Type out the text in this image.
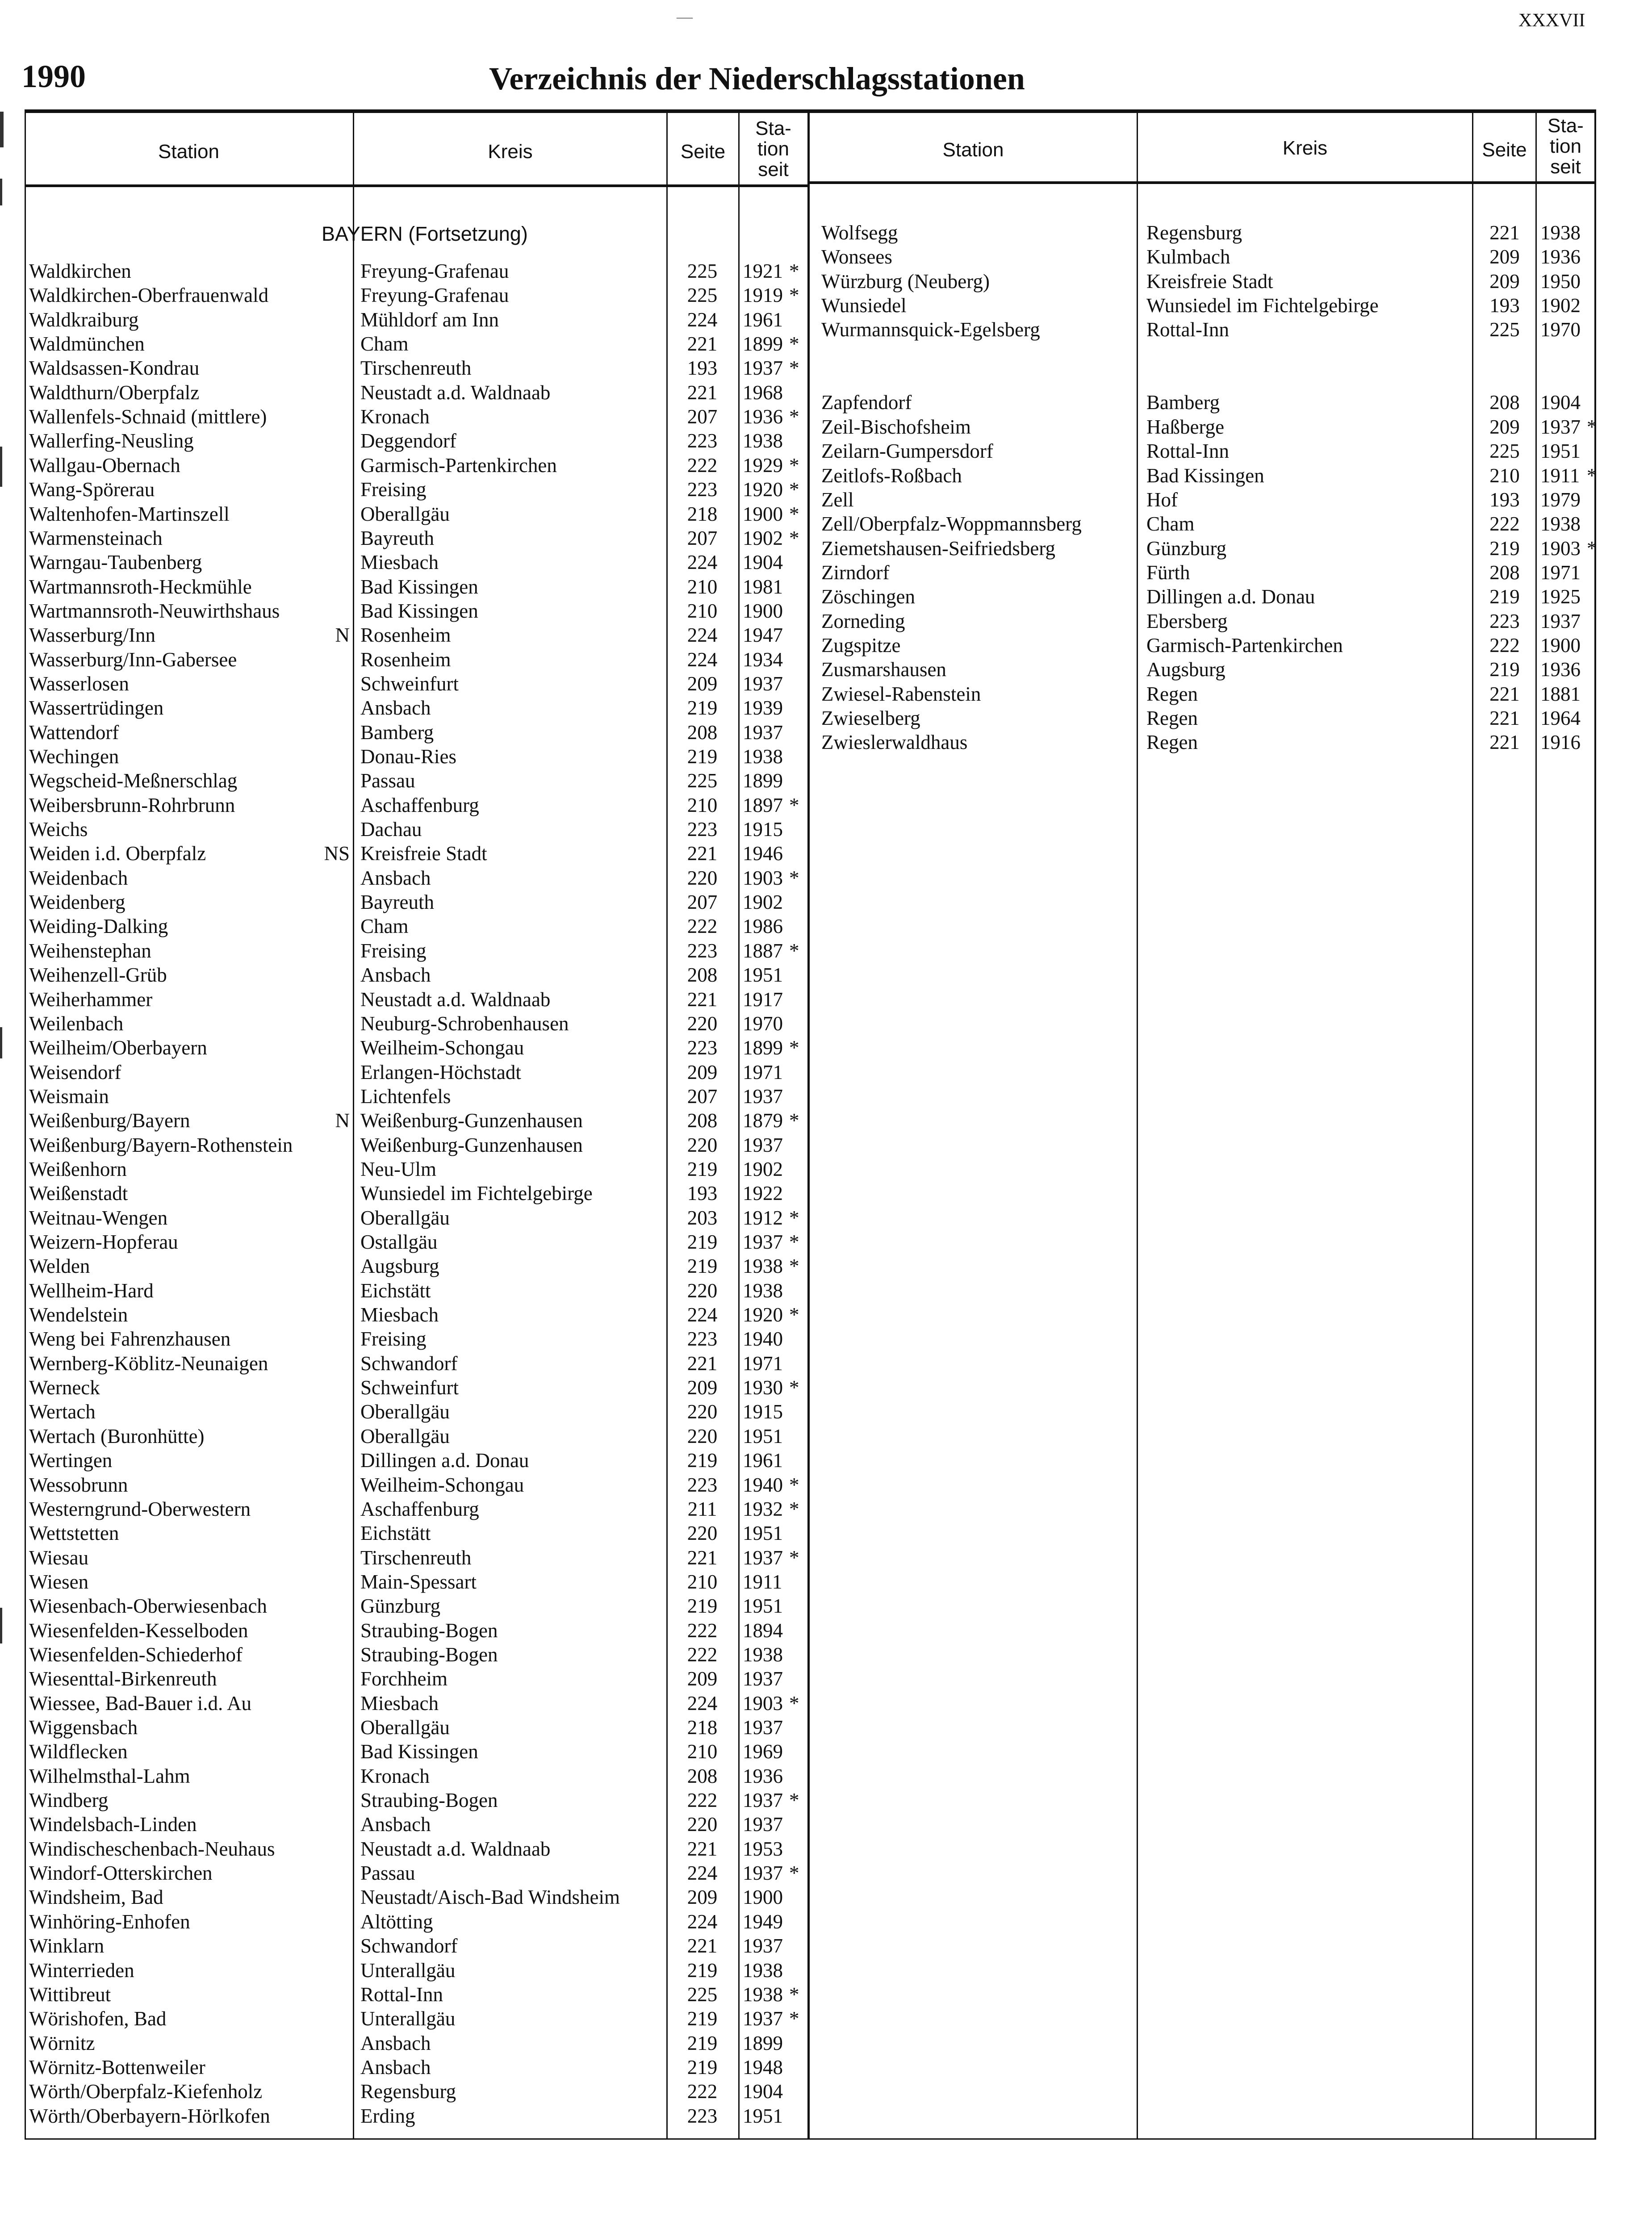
—	XXXVII
1990	Verzeichnis der Niederschlagsstationen
Station	Kreis	Seite
Sta-
tion
seit
Station	Kreis	Seite
Sta-
tion
seit
BAYERN (Fortsetzung)
Waldkirchen	Freyung-Grafenau	225	1921 *
Waldkirchen-Oberfrauenwald	Freyung-Grafenau	225	1919 *
Waldkraiburg	Mühldorf am Inn	224	1961
Waldmünchen	Cham	221	1899 *
Waldsassen-Kondrau	Tirschenreuth	193	1937 *
Waldthurn/Oberpfalz	Neustadt a.d. Waldnaab	221	1968
Wallenfels-Schnaid (mittlere)	Kronach	207	1936 *
Wallerfing-Neusling	Deggendorf	223	1938
Wallgau-Obernach	Garmisch-Partenkirchen	222	1929 *
Wang-Spörerau	Freising	223	1920 *
Waltenhofen-Martinszell	Oberallgäu	218	1900 *
Warmensteinach	Bayreuth	207	1902 *
Warngau-Taubenberg	Miesbach	224	1904
Wartmannsroth-Heckmühle	Bad Kissingen	210	1981
Wartmannsroth-Neuwirthshaus	Bad Kissingen	210	1900
Wasserburg/Inn	N Rosenheim	224	1947
Wasserburg/Inn-Gabersee	Rosenheim	224	1934
Wasserlosen	Schweinfurt	209	1937
Wassertrüdingen	Ansbach	219	1939
Wattendorf	Bamberg	208	1937
Wechingen	Donau-Ries	219	1938
Wegscheid-Meßnerschlag	Passau	225	1899
Weibersbrunn-Rohrbrunn	Aschaffenburg	210	1897 *
Weichs	Dachau	223	1915
Weiden i.d. Oberpfalz	NS Kreisfreie Stadt	221	1946
Weidenbach	Ansbach	220	1903 *
Weidenberg	Bayreuth	207	1902
Weiding-Dalking	Cham	222	1986
Weihenstephan	Freising	223	1887 *
Weihenzell-Grüb	Ansbach	208	1951
Weiherhammer	Neustadt a.d. Waldnaab	221	1917
Weilenbach	Neuburg-Schrobenhausen	220	1970
Weilheim/Oberbayern	Weilheim-Schongau	223	1899 *
Weisendorf	Erlangen-Höchstadt	209	1971
Weismain	Lichtenfels	207	1937
Weißenburg/Bayern	N Weißenburg-Gunzenhausen	208	1879 *
Weißenburg/Bayern-Rothenstein	Weißenburg-Gunzenhausen	220	1937
Weißenhorn	Neu-Ulm	219	1902
Weißenstadt	Wunsiedel im Fichtelgebirge	193	1922
Weitnau-Wengen	Oberallgäu	203	1912 *
Weizern-Hopferau	Ostallgäu	219	1937 *
Welden	Augsburg	219	1938 *
Wellheim-Hard	Eichstätt	220	1938
Wendelstein	Miesbach	224	1920 *
Weng bei Fahrenzhausen	Freising	223	1940
Wernberg-Köblitz-Neunaigen	Schwandorf	221	1971
Werneck	Schweinfurt	209	1930 *
Wertach	Oberallgäu	220	1915
Wertach (Buronhütte)	Oberallgäu	220	1951
Wertingen	Dillingen a.d. Donau	219	1961
Wessobrunn	Weilheim-Schongau	223	1940 *
Westerngrund-Oberwestern	Aschaffenburg	211	1932 *
Wettstetten	Eichstätt	220	1951
Wiesau	Tirschenreuth	221	1937 *
Wiesen	Main-Spessart	210	1911
Wiesenbach-Oberwiesenbach	Günzburg	219	1951
Wiesenfelden-Kesselboden	Straubing-Bogen	222	1894
Wiesenfelden-Schiederhof	Straubing-Bogen	222	1938
Wiesenttal-Birkenreuth	Forchheim	209	1937
Wiessee, Bad-Bauer i.d. Au	Miesbach	224	1903 *
Wiggensbach	Oberallgäu	218	1937
Wildflecken	Bad Kissingen	210	1969
Wilhelmsthal-Lahm	Kronach	208	1936
Windberg	Straubing-Bogen	222	1937 *
Windelsbach-Linden	Ansbach	220	1937
Windischeschenbach-Neuhaus	Neustadt a.d. Waldnaab	221	1953
Windorf-Otterskirchen	Passau	224	1937 *
Windsheim, Bad	Neustadt/Aisch-Bad Windsheim	209	1900
Winhöring-Enhofen	Altötting	224	1949
Winklarn	Schwandorf	221	1937
Winterrieden	Unterallgäu	219	1938
Wittibreut	Rottal-Inn	225	1938 *
Wörishofen, Bad	Unterallgäu	219	1937 *
Wörnitz	Ansbach	219	1899
Wörnitz-Bottenweiler	Ansbach	219	1948
Wörth/Oberpfalz-Kiefenholz	Regensburg	222	1904
Wörth/Oberbayern-Hörlkofen	Erding	223	1951
Wolfsegg	Regensburg	221	1938
Wonsees	Kulmbach	209	1936
Würzburg (Neuberg)	Kreisfreie Stadt	209	1950
Wunsiedel	Wunsiedel im Fichtelgebirge	193	1902
Wurmannsquick-Egelsberg	Rottal-Inn	225	1970
Zapfendorf	Bamberg	208	1904
Zeil-Bischofsheim	Haßberge	209	1937 *
Zeilarn-Gumpersdorf	Rottal-Inn	225	1951
Zeitlofs-Roßbach	Bad Kissingen	210	1911 *
Zell	Hof	193	1979
Zell/Oberpfalz-Woppmannsberg	Cham	222	1938
Ziemetshausen-Seifriedsberg	Günzburg	219	1903 *
Zirndorf	Fürth	208	1971
Zöschingen	Dillingen a.d. Donau	219	1925
Zorneding	Ebersberg	223	1937
Zugspitze	Garmisch-Partenkirchen	222	1900
Zusmarshausen	Augsburg	219	1936
Zwiesel-Rabenstein	Regen	221	1881
Zwieselberg	Regen	221	1964
Zwieslerwaldhaus	Regen	221	1916
